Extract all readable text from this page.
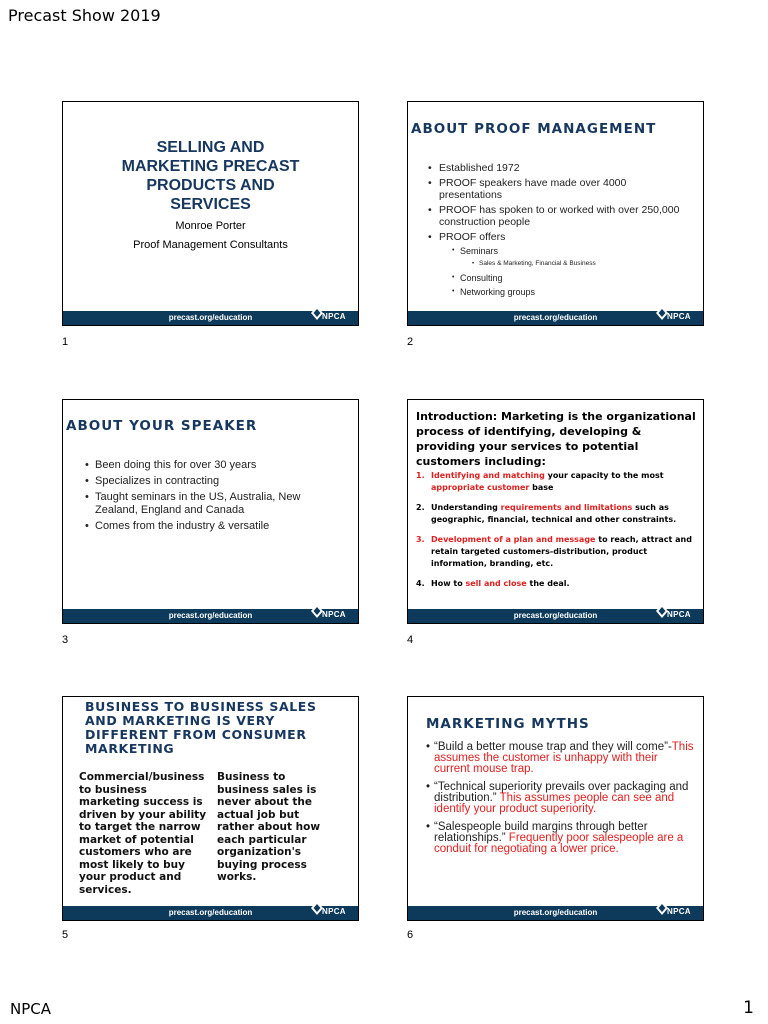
Precast Show 2019
SELLING AND
MARKETING PRECAST
PRODUCTS AND
SERVICES
Monroe Porter
Proof Management Consultants
precast.org/education	NPCA
1
ABOUT PROOF MANAGEMENT
• Established 1972
• PROOF speakers have made over 4000 presentations
• PROOF has spoken to or worked with over 250,000 construction people
• PROOF offers
• Seminars
• Sales & Marketing, Financial & Business
• Consulting
• Networking groups
precast.org/education	NPCA
2
ABOUT YOUR SPEAKER
• Been doing this for over 30 years
• Specializes in contracting
• Taught seminars in the US, Australia, New Zealand, England and Canada
• Comes from the industry & versatile
precast.org/education	NPCA
3
Introduction: Marketing is the organizational process of identifying, developing & providing your services to potential customers including:
1. Identifying and matching your capacity to the most appropriate customer base
2. Understanding requirements and limitations such as geographic, financial, technical and other constraints.
3. Development of a plan and message to reach, attract and retain targeted customers-distribution, product information, branding, etc.
4. How to sell and close the deal.
precast.org/education	NPCA
4
BUSINESS TO BUSINESS SALES AND MARKETING IS VERY DIFFERENT FROM CONSUMER MARKETING
Commercial/business to business marketing success is driven by your ability to target the narrow market of potential customers who are most likely to buy your product and services.
Business to business sales is never about the actual job but rather about how each particular organization's buying process works.
precast.org/education	NPCA
5
MARKETING MYTHS
• “Build a better mouse trap and they will come”-This assumes the customer is unhappy with their current mouse trap.
• “Technical superiority prevails over packaging and distribution.” This assumes people can see and identify your product superiority.
• “Salespeople build margins through better relationships.” Frequently poor salespeople are a conduit for negotiating a lower price.
precast.org/education	NPCA
6
NPCA	1
